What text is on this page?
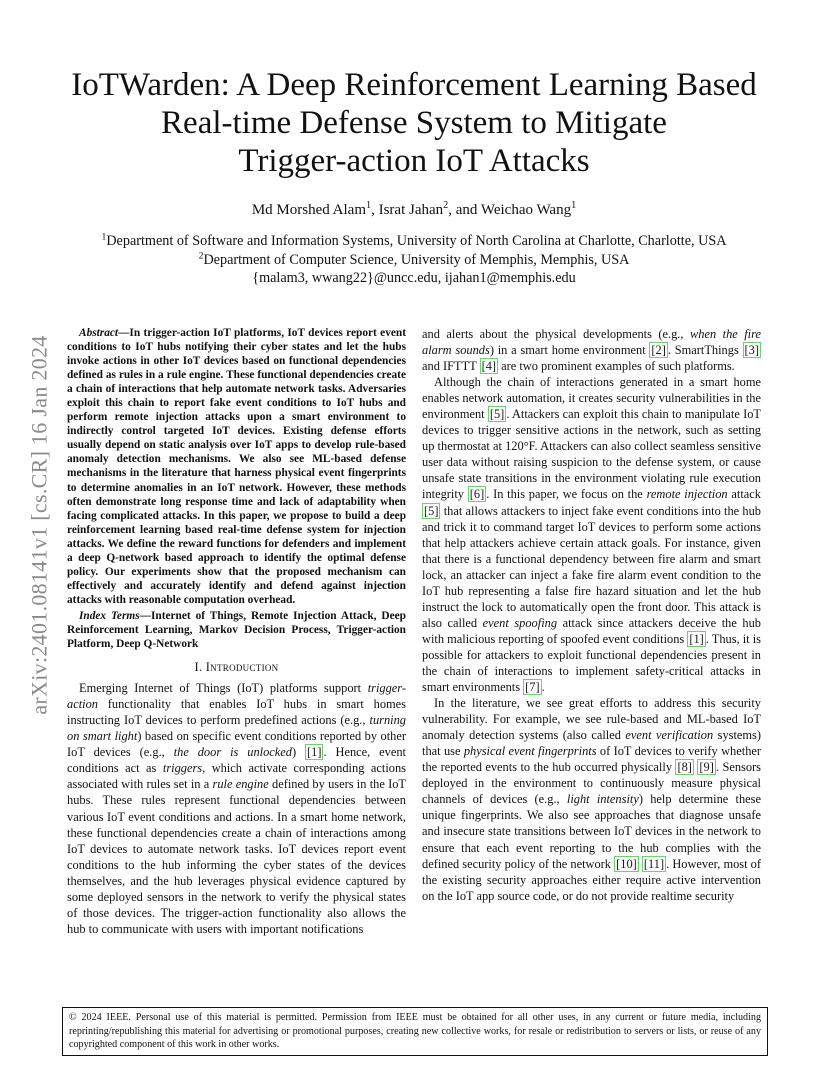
arXiv:2401.08141v1 [cs.CR] 16 Jan 2024
IoTWarden: A Deep Reinforcement Learning Based
Real-time Defense System to Mitigate
Trigger-action IoT Attacks
Md Morshed Alam$^1$, Israt Jahan$^2$, and Weichao Wang$^1$
$^1$Department of Software and Information Systems, University of North Carolina at Charlotte, Charlotte, USA
$^2$Department of Computer Science, University of Memphis, Memphis, USA
{malam3, wwang22}@uncc.edu, ijahan1@memphis.edu

Abstract—In trigger-action IoT platforms, IoT devices report event conditions to IoT hubs notifying their cyber states and let the hubs invoke actions in other IoT devices based on functional dependencies defined as rules in a rule engine. These functional dependencies create a chain of interactions that help automate network tasks. Adversaries exploit this chain to report fake event conditions to IoT hubs and perform remote injection attacks upon a smart environment to indirectly control targeted IoT devices. Existing defense efforts usually depend on static analysis over IoT apps to develop rule-based anomaly detection mechanisms. We also see ML-based defense mechanisms in the literature that harness physical event fingerprints to determine anomalies in an IoT network. However, these methods often demonstrate long response time and lack of adaptability when facing complicated attacks. In this paper, we propose to build a deep reinforcement learning based real-time defense system for injection attacks. We define the reward functions for defenders and implement a deep Q-network based approach to identify the optimal defense policy. Our experiments show that the proposed mechanism can effectively and accurately identify and defend against injection attacks with reasonable computation overhead.

Index Terms—Internet of Things, Remote Injection Attack, Deep Reinforcement Learning, Markov Decision Process, Trigger-action Platform, Deep Q-Network

I. Introduction

Emerging Internet of Things (IoT) platforms support trigger-action functionality that enables IoT hubs in smart homes instructing IoT devices to perform predefined actions (e.g., turning on smart light) based on specific event conditions reported by other IoT devices (e.g., the door is unlocked) [1] . Hence, event conditions act as triggers, which activate corresponding actions associated with rules set in a rule engine defined by users in the IoT hubs. These rules represent functional dependencies between various IoT event conditions and actions. In a smart home network, these functional dependencies create a chain of interactions among IoT devices to automate network tasks. IoT devices report event conditions to the hub informing the cyber states of the devices themselves, and the hub leverages physical evidence captured by some deployed sensors in the network to verify the physical states of those devices. The trigger-action functionality also allows the hub to communicate with users with important notifications

and alerts about the physical developments (e.g., when the fire alarm sounds) in a smart home environment [2] . SmartThings [3] and IFTTT [4] are two prominent examples of such platforms.

Although the chain of interactions generated in a smart home enables network automation, it creates security vulnerabilities in the environment [5] . Attackers can exploit this chain to manipulate IoT devices to trigger sensitive actions in the network, such as setting up thermostat at 120°F. Attackers can also collect seamless sensitive user data without raising suspicion to the defense system, or cause unsafe state transitions in the environment violating rule execution integrity [6] . In this paper, we focus on the remote injection attack [5] that allows attackers to inject fake event conditions into the hub and trick it to command target IoT devices to perform some actions that help attackers achieve certain attack goals. For instance, given that there is a functional dependency between fire alarm and smart lock, an attacker can inject a fake fire alarm event condition to the IoT hub representing a false fire hazard situation and let the hub instruct the lock to automatically open the front door. This attack is also called event spoofing attack since attackers deceive the hub with malicious reporting of spoofed event conditions [1] . Thus, it is possible for attackers to exploit functional dependencies present in the chain of interactions to implement safety-critical attacks in smart environments [7] .

In the literature, we see great efforts to address this security vulnerability. For example, we see rule-based and ML-based IoT anomaly detection systems (also called event verification systems) that use physical event fingerprints of IoT devices to verify whether the reported events to the hub occurred physically [8] [9] . Sensors deployed in the environment to continuously measure physical channels of devices (e.g., light intensity) help determine these unique fingerprints. We also see approaches that diagnose unsafe and insecure state transitions between IoT devices in the network to ensure that each event reporting to the hub complies with the defined security policy of the network [10] [11] . However, most of the existing security approaches either require active intervention on the IoT app source code, or do not provide realtime security

© 2024 IEEE. Personal use of this material is permitted. Permission from IEEE must be obtained for all other uses, in any current or future media, including reprinting/republishing this material for advertising or promotional purposes, creating new collective works, for resale or redistribution to servers or lists, or reuse of any copyrighted component of this work in other works.
